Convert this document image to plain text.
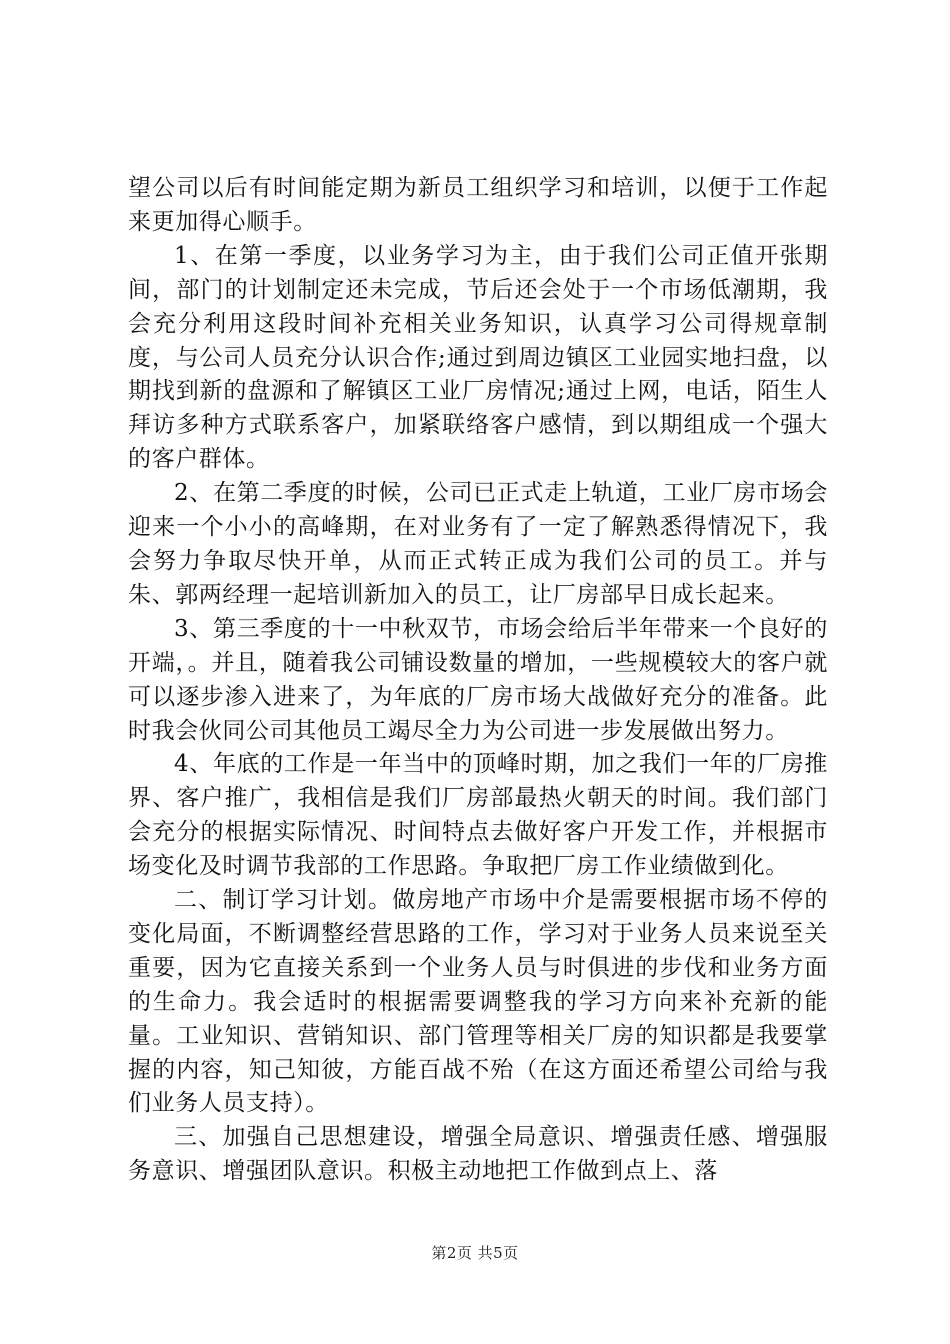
望公司以后有时间能定期为新员工组织学习和培训，以便于工作起来更加得心顺手。

1、在第一季度，以业务学习为主，由于我们公司正值开张期间，部门的计划制定还未完成，节后还会处于一个市场低潮期，我会充分利用这段时间补充相关业务知识，认真学习公司得规章制度，与公司人员充分认识合作;通过到周边镇区工业园实地扫盘，以期找到新的盘源和了解镇区工业厂房情况;通过上网，电话，陌生人拜访多种方式联系客户，加紧联络客户感情，到以期组成一个强大的客户群体。

2、在第二季度的时候，公司已正式走上轨道，工业厂房市场会迎来一个小小的高峰期，在对业务有了一定了解熟悉得情况下，我会努力争取尽快开单，从而正式转正成为我们公司的员工。并与朱、郭两经理一起培训新加入的员工，让厂房部早日成长起来。

3、第三季度的十一中秋双节，市场会给后半年带来一个良好的开端，。并且，随着我公司铺设数量的增加，一些规模较大的客户就可以逐步渗入进来了，为年底的厂房市场大战做好充分的准备。此时我会伙同公司其他员工竭尽全力为公司进一步发展做出努力。

4、年底的工作是一年当中的顶峰时期，加之我们一年的厂房推界、客户推广，我相信是我们厂房部最热火朝天的时间。我们部门会充分的根据实际情况、时间特点去做好客户开发工作，并根据市场变化及时调节我部的工作思路。争取把厂房工作业绩做到化。

二、制订学习计划。做房地产市场中介是需要根据市场不停的变化局面，不断调整经营思路的工作，学习对于业务人员来说至关重要，因为它直接关系到一个业务人员与时俱进的步伐和业务方面的生命力。我会适时的根据需要调整我的学习方向来补充新的能量。工业知识、营销知识、部门管理等相关厂房的知识都是我要掌握的内容，知己知彼，方能百战不殆（在这方面还希望公司给与我们业务人员支持）。

三、加强自己思想建设，增强全局意识、增强责任感、增强服务意识、增强团队意识。积极主动地把工作做到点上、落

第2页 共5页
